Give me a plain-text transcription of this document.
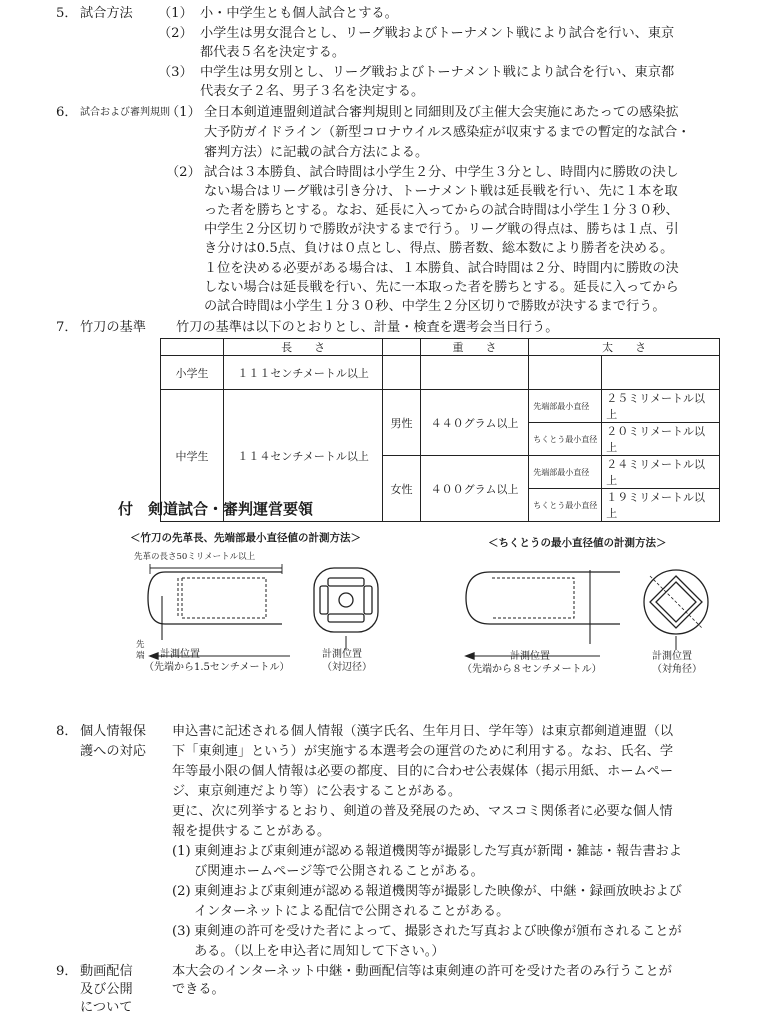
5． 試合方法 （1） 小・中学生とも個人試合とする。
（2） 小学生は男女混合とし、リーグ戦およびトーナメント戦により試合を行い、東京
都代表５名を決定する。
（3） 中学生は男女別とし、リーグ戦およびトーナメント戦により試合を行い、東京都
代表女子２名、男子３名を決定する。
6． 試合および審判規則
（1） 全日本剣道連盟剣道試合審判規則と同細則及び主催大会実施にあたっての感染拡
大予防ガイドライン（新型コロナウイルス感染症が収束するまでの暫定的な試合・
審判方法）に記載の試合方法による。
（2） 試合は３本勝負、試合時間は小学生２分、中学生３分とし、時間内に勝敗の決し
ない場合はリーグ戦は引き分け、トーナメント戦は延長戦を行い、先に１本を取
った者を勝ちとする。なお、延長に入ってからの試合時間は小学生１分３０秒、
中学生２分区切りで勝敗が決するまで行う。リーグ戦の得点は、勝ちは１点、引
き分けは0.5点、負けは０点とし、得点、勝者数、総本数により勝者を決める。
１位を決める必要がある場合は、１本勝負、試合時間は２分、時間内に勝敗の決
しない場合は延長戦を行い、先に一本取った者を勝ちとする。延長に入ってから
の試合時間は小学生１分３０秒、中学生２分区切りで勝敗が決するまで行う。
7． 竹刀の基準 竹刀の基準は以下のとおりとし、計量・検査を選考会当日行う。
	長　　さ		重　　さ	太　　さ	
小学生	１１１センチメートル以上				
中学生	１１４センチメートル以上	男性	４４０グラム以上	先端部最小直径	２５ミリメートル以上
				ちくとう最小直径	２０ミリメートル以上
		女性	４００グラム以上	先端部最小直径	２４ミリメートル以上
				ちくとう最小直径	１９ミリメートル以上
付　剣道試合・審判運営要領
＜竹刀の先革長、先端部最小直径値の計測方法＞	＜ちくとうの最小直径値の計測方法＞
先革の長さ50ミリメートル以上
先端 計測位置
（先端から1.5センチメートル）
計測位置
（対辺径）
計測位置
（先端から８センチメートル）
計測位置
（対角径）
8． 個人情報保
護への対応
申込書に記述される個人情報（漢字氏名、生年月日、学年等）は東京都剣道連盟（以
下「東剣連」という）が実施する本選考会の運営のために利用する。なお、氏名、学
年等最小限の個人情報は必要の都度、目的に合わせ公表媒体（掲示用紙、ホームペー
ジ、東京剣連だより等）に公表することがある。
更に、次に列挙するとおり、剣道の普及発展のため、マスコミ関係者に必要な個人情
報を提供することがある。
(1) 東剣連および東剣連が認める報道機関等が撮影した写真が新聞・雑誌・報告書およ
び関連ホームページ等で公開されることがある。
(2) 東剣連および東剣連が認める報道機関等が撮影した映像が、中継・録画放映および
インターネットによる配信で公開されることがある。
(3) 東剣連の許可を受けた者によって、撮影された写真および映像が頒布されることが
ある。（以上を申込者に周知して下さい。）
9． 動画配信
及び公開
について
本大会のインターネット中継・動画配信等は東剣連の許可を受けた者のみ行うことが
できる。
